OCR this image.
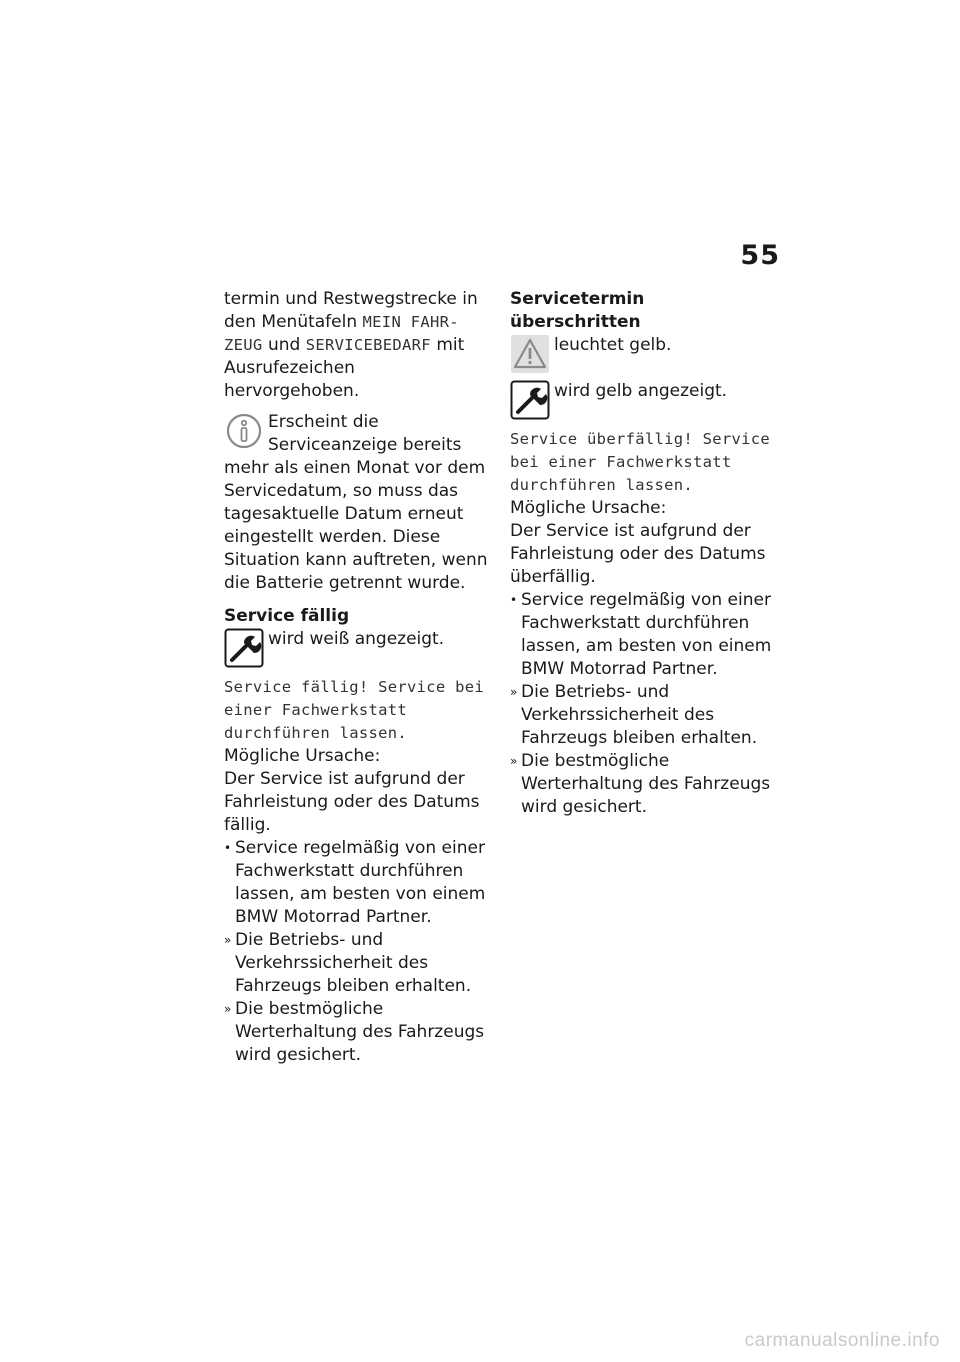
55

termin und Restwegstrecke in den Menütafeln MEIN FAHR-ZEUG und SERVICEBEDARF mit Ausrufezeichen hervorgehoben.

Erscheint die Serviceanzeige bereits mehr als einen Monat vor dem Servicedatum, so muss das tagesaktuelle Datum erneut eingestellt werden. Diese Situation kann auftreten, wenn die Batterie getrennt wurde.

Service fällig

wird weiß angezeigt.

Service fällig! Service bei einer Fachwerkstatt durchführen lassen.

Mögliche Ursache:

Der Service ist aufgrund der Fahrleistung oder des Datums fällig.

• Service regelmäßig von einer Fachwerkstatt durchführen lassen, am besten von einem BMW Motorrad Partner.
» Die Betriebs- und Verkehrssicherheit des Fahrzeugs bleiben erhalten.
» Die bestmögliche Werterhaltung des Fahrzeugs wird gesichert.

Servicetermin überschritten

leuchtet gelb.
wird gelb angezeigt.

Service überfällig! Service bei einer Fachwerkstatt durchführen lassen.

Mögliche Ursache:

Der Service ist aufgrund der Fahrleistung oder des Datums überfällig.

• Service regelmäßig von einer Fachwerkstatt durchführen lassen, am besten von einem BMW Motorrad Partner.
» Die Betriebs- und Verkehrssicherheit des Fahrzeugs bleiben erhalten.
» Die bestmögliche Werterhaltung des Fahrzeugs wird gesichert.
carmanualsonline.info
